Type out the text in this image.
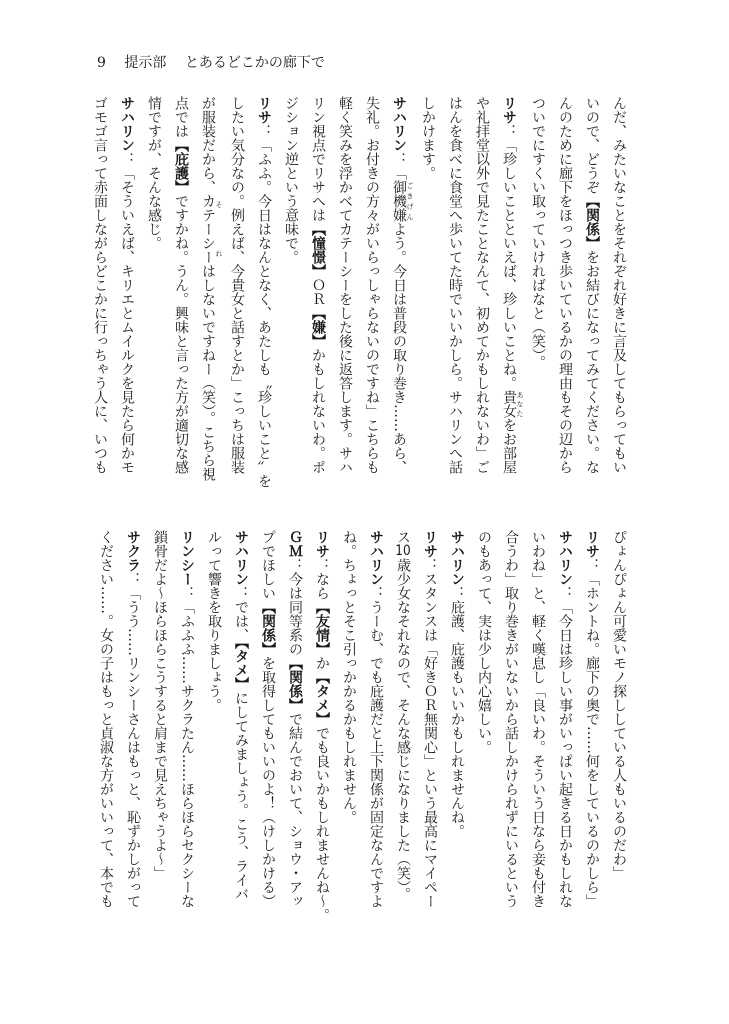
9 提示部 とあるどこかの廊下で
んだ、みたいなことをそれぞれ好きに言及してもらってもい
いので、どうぞ【関係】をお結びになってみてください。な
んのために廊下をほっつき歩いているかの理由もその辺から
ついでにすくい取っていければなと（笑）。
リサ：「珍しいことといえば、珍しいことね。貴女 あなたをお部屋
や礼拝堂以外で見たことなんて、初めてかもしれないわ」ご
はんを食べに食堂へ歩いてた時でいいかしら。サハリンへ話
しかけます。
サハリン：「御機嫌 ごきげんよう。今日は普段の取り巻き……あら、
失礼。お付きの方々がいらっしゃらないのですね」こちらも
軽く笑みを浮かべてカテーシーをした後に返答します。サハ
リン視点でリサへは【憧憬】ＯＲ【嫌】かもしれないわ。ポ
ジション逆という意味で。
リサ：「ふふ。今日はなんとなく、あたしも〝珍しいこと〟を
したい気分なの。例えば、今貴女と話すとか」こっちは服装
が服装だから、カテーシー それはしないですねー（笑）。こちら視
点では【庇護】ですかね。うん。興味と言った方が適切な感
情ですが、そんな感じ。
サハリン：「そういえば、キリエとムイルクを見たら何かモ
ゴモゴ言って赤面しながらどこかに行っちゃう人に、いつも
ぴょんぴょん可愛いモノ探ししている人もいるのだわ」
リサ：「ホントね。廊下の奥で……何をしているのかしら」
サハリン：「今日は珍しい事がいっぱい起きる日かもしれな
いわね」と、軽く嘆息し「良いわ。そういう日なら妾も付き
合うわ」取り巻きがいないから話しかけられずにいるという
のもあって、実は少し内心嬉しい。
サハリン：庇護、庇護もいいかもしれませんね。
リサ：スタンスは「好きＯＲ無関心」という最高にマイペー
ス10歳少女なそれなので、そんな感じになりました（笑）。
サハリン：うーむ、でも庇護だと上下関係が固定なんですよ
ね。ちょっとそこ引っかかるかもしれません。
リサ：なら【友情】か【タメ】でも良いかもしれませんね～。
ＧＭ：今は同等系の【関係】で結んでおいて、ショウ・アッ
プでほしい【関係】を取得してもいいのよ！（けしかける）
サハリン：では、【タメ】にしてみましょう。こう、ライバ
ルって響きを取りましょう。
リンシー：「ふふふ……サクラたん……ほらほらセクシーな
鎖骨だよ～ほらほらこうすると肩まで見えちゃうよ～」
サクラ：「うう……リンシーさんはもっと、恥ずかしがって
ください……。女の子はもっと貞淑な方がいいって、本でも
